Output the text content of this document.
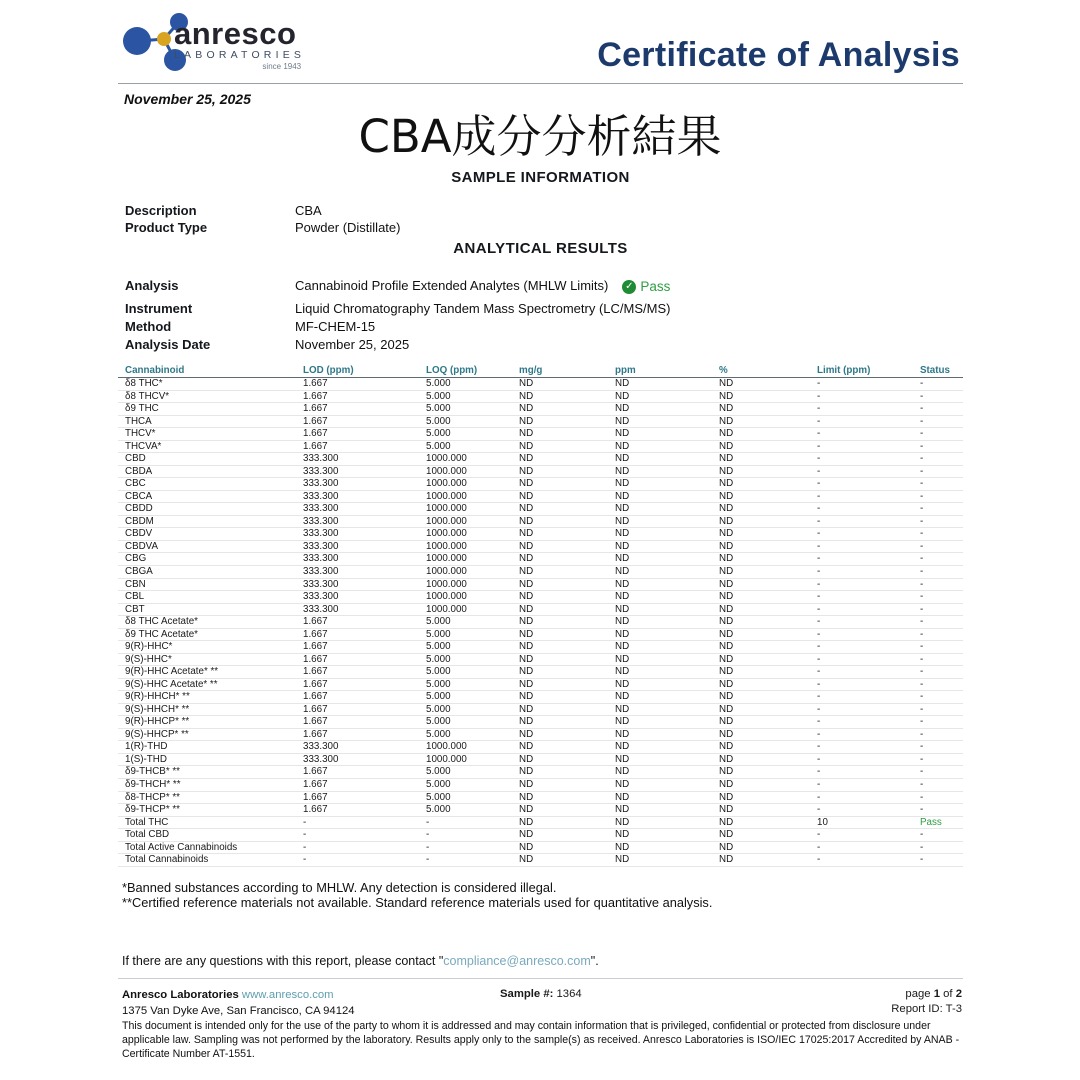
anresco
LABORATORIES
since 1943	Certificate of Analysis
November 25, 2025
CBA成分分析結果
SAMPLE INFORMATION
Description	CBA
Product Type	Powder (Distillate)
ANALYTICAL RESULTS
Analysis	Cannabinoid Profile Extended Analytes (MHLW Limits) ✓ Pass
Instrument	Liquid Chromatography Tandem Mass Spectrometry (LC/MS/MS)
Method	MF-CHEM-15
Analysis Date	November 25, 2025
Cannabinoid	LOD (ppm)	LOQ (ppm)	mg/g	ppm	%	Limit (ppm)	Status
δ8 THC*	1.667	5.000	ND	ND	ND	-	-
δ8 THCV*	1.667	5.000	ND	ND	ND	-	-
δ9 THC	1.667	5.000	ND	ND	ND	-	-
THCA	1.667	5.000	ND	ND	ND	-	-
THCV*	1.667	5.000	ND	ND	ND	-	-
THCVA*	1.667	5.000	ND	ND	ND	-	-
CBD	333.300	1000.000	ND	ND	ND	-	-
CBDA	333.300	1000.000	ND	ND	ND	-	-
CBC	333.300	1000.000	ND	ND	ND	-	-
CBCA	333.300	1000.000	ND	ND	ND	-	-
CBDD	333.300	1000.000	ND	ND	ND	-	-
CBDM	333.300	1000.000	ND	ND	ND	-	-
CBDV	333.300	1000.000	ND	ND	ND	-	-
CBDVA	333.300	1000.000	ND	ND	ND	-	-
CBG	333.300	1000.000	ND	ND	ND	-	-
CBGA	333.300	1000.000	ND	ND	ND	-	-
CBN	333.300	1000.000	ND	ND	ND	-	-
CBL	333.300	1000.000	ND	ND	ND	-	-
CBT	333.300	1000.000	ND	ND	ND	-	-
δ8 THC Acetate*	1.667	5.000	ND	ND	ND	-	-
δ9 THC Acetate*	1.667	5.000	ND	ND	ND	-	-
9(R)-HHC*	1.667	5.000	ND	ND	ND	-	-
9(S)-HHC*	1.667	5.000	ND	ND	ND	-	-
9(R)-HHC Acetate* **	1.667	5.000	ND	ND	ND	-	-
9(S)-HHC Acetate* **	1.667	5.000	ND	ND	ND	-	-
9(R)-HHCH* **	1.667	5.000	ND	ND	ND	-	-
9(S)-HHCH* **	1.667	5.000	ND	ND	ND	-	-
9(R)-HHCP* **	1.667	5.000	ND	ND	ND	-	-
9(S)-HHCP* **	1.667	5.000	ND	ND	ND	-	-
1(R)-THD	333.300	1000.000	ND	ND	ND	-	-
1(S)-THD	333.300	1000.000	ND	ND	ND	-	-
δ9-THCB* **	1.667	5.000	ND	ND	ND	-	-
δ9-THCH* **	1.667	5.000	ND	ND	ND	-	-
δ8-THCP* **	1.667	5.000	ND	ND	ND	-	-
δ9-THCP* **	1.667	5.000	ND	ND	ND	-	-
Total THC	-	-	ND	ND	ND	10	Pass
Total CBD	-	-	ND	ND	ND	-	-
Total Active Cannabinoids	-	-	ND	ND	ND	-	-
Total Cannabinoids	-	-	ND	ND	ND	-	-
*Banned substances according to MHLW. Any detection is considered illegal.
**Certified reference materials not available. Standard reference materials used for quantitative analysis.
If there are any questions with this report, please contact "compliance@anresco.com".
Anresco Laboratories www.anresco.com
1375 Van Dyke Ave, San Francisco, CA 94124
Sample #: 1364	page 1 of 2
Report ID: T-3
This document is intended only for the use of the party to whom it is addressed and may contain information that is privileged, confidential or protected from disclosure under applicable law. Sampling was not performed by the laboratory. Results apply only to the sample(s) as received. Anresco Laboratories is ISO/IEC 17025:2017 Accredited by ANAB - Certificate Number AT-1551.
